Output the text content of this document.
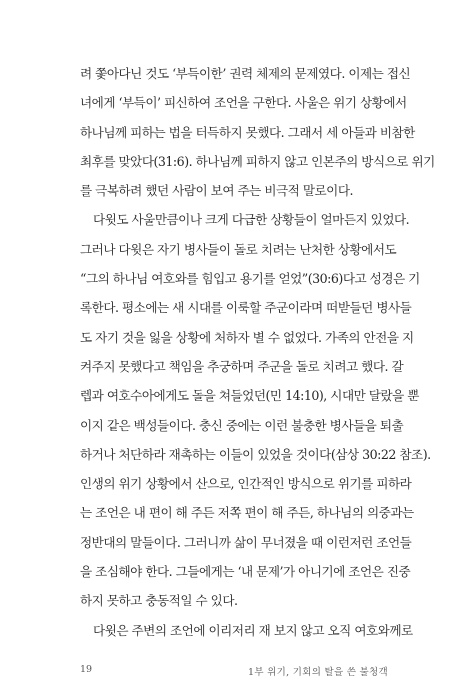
려 쫓아다닌 것도 ‘부득이한’ 권력 체제의 문제였다. 이제는 접신
녀에게 ‘부득이’ 피신하여 조언을 구한다. 사울은 위기 상황에서
하나님께 피하는 법을 터득하지 못했다. 그래서 세 아들과 비참한
최후를 맞았다(31:6). 하나님께 피하지 않고 인본주의 방식으로 위기
를 극복하려 했던 사람이 보여 주는 비극적 말로이다.
다윗도 사울만큼이나 크게 다급한 상황들이 얼마든지 있었다.
그러나 다윗은 자기 병사들이 돌로 치려는 난처한 상황에서도
“그의 하나님 여호와를 힘입고 용기를 얻었”(30:6)다고 성경은 기
록한다. 평소에는 새 시대를 이룩할 주군이라며 떠받들던 병사들
도 자기 것을 잃을 상황에 처하자 별 수 없었다. 가족의 안전을 지
켜주지 못했다고 책임을 추궁하며 주군을 돌로 치려고 했다. 갈
렙과 여호수아에게도 돌을 쳐들었던(민 14:10), 시대만 달랐을 뿐
이지 같은 백성들이다. 충신 중에는 이런 불충한 병사들을 퇴출
하거나 처단하라 재촉하는 이들이 있었을 것이다(삼상 30:22 참조).
인생의 위기 상황에서 산으로, 인간적인 방식으로 위기를 피하라
는 조언은 내 편이 해 주든 저쪽 편이 해 주든, 하나님의 의중과는
정반대의 말들이다. 그러니까 삶이 무너졌을 때 이런저런 조언들
을 조심해야 한다. 그들에게는 ‘내 문제’가 아니기에 조언은 진중
하지 못하고 충동적일 수 있다.
다윗은 주변의 조언에 이리저리 재 보지 않고 오직 여호와께로
19	1부 위기, 기회의 탈을 쓴 불청객
